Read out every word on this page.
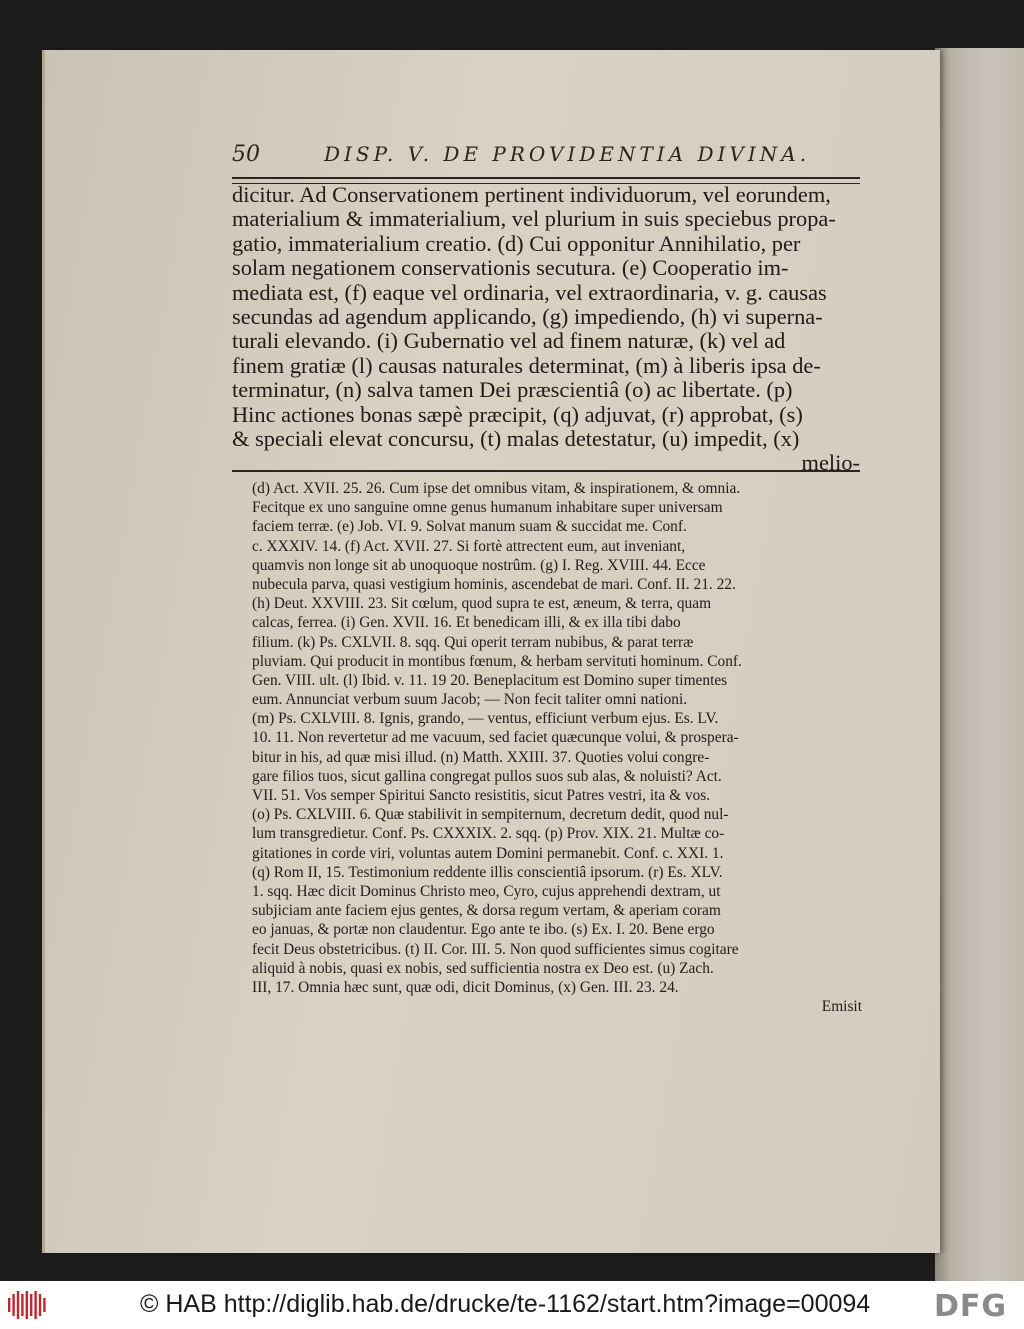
50	DISP. V. DE PROVIDENTIA DIVINA.
dicitur. Ad Conservationem pertinent individuorum, vel eorundem,
materialium & immaterialium, vel plurium in suis speciebus propa-
gatio, immaterialium creatio. (d) Cui opponitur Annihilatio, per
solam negationem conservationis secutura. (e) Cooperatio im-
mediata est, (f) eaque vel ordinaria, vel extraordinaria, v. g. causas
secundas ad agendum applicando, (g) impediendo, (h) vi superna-
turali elevando. (i) Gubernatio vel ad finem naturæ, (k) vel ad
finem gratiæ (l) causas naturales determinat, (m) à liberis ipsa de-
terminatur, (n) salva tamen Dei præscientiâ (o) ac libertate. (p)
Hinc actiones bonas sæpè præcipit, (q) adjuvat, (r) approbat, (s)
& speciali elevat concursu, (t) malas detestatur, (u) impedit, (x)
melio-
(d) Act. XVII. 25. 26. Cum ipse det omnibus vitam, & inspirationem, & omnia.
Fecitque ex uno sanguine omne genus humanum inhabitare super universam
faciem terræ. (e) Job. VI. 9. Solvat manum suam & succidat me. Conf.
c. XXXIV. 14. (f) Act. XVII. 27. Si fortè attrectent eum, aut inveniant,
quamvis non longe sit ab unoquoque nostrûm. (g) I. Reg. XVIII. 44. Ecce
nubecula parva, quasi vestigium hominis, ascendebat de mari. Conf. II. 21. 22.
(h) Deut. XXVIII. 23. Sit cœlum, quod supra te est, æneum, & terra, quam
calcas, ferrea. (i) Gen. XVII. 16. Et benedicam illi, & ex illa tibi dabo
filium. (k) Ps. CXLVII. 8. sqq. Qui operit terram nubibus, & parat terræ
pluviam. Qui producit in montibus fœnum, & herbam servituti hominum. Conf.
Gen. VIII. ult. (l) Ibid. v. 11. 19 20. Beneplacitum est Domino super timentes
eum. Annunciat verbum suum Jacob; — Non fecit taliter omni nationi.
(m) Ps. CXLVIII. 8. Ignis, grando, — ventus, efficiunt verbum ejus. Es. LV.
10. 11. Non revertetur ad me vacuum, sed faciet quæcunque volui, & prospera-
bitur in his, ad quæ misi illud. (n) Matth. XXIII. 37. Quoties volui congre-
gare filios tuos, sicut gallina congregat pullos suos sub alas, & noluisti? Act.
VII. 51. Vos semper Spiritui Sancto resistitis, sicut Patres vestri, ita & vos.
(o) Ps. CXLVIII. 6. Quæ stabilivit in sempiternum, decretum dedit, quod nul-
lum transgredietur. Conf. Ps. CXXXIX. 2. sqq. (p) Prov. XIX. 21. Multæ co-
gitationes in corde viri, voluntas autem Domini permanebit. Conf. c. XXI. 1.
(q) Rom II, 15. Testimonium reddente illis conscientiâ ipsorum. (r) Es. XLV.
1. sqq. Hæc dicit Dominus Christo meo, Cyro, cujus apprehendi dextram, ut
subjiciam ante faciem ejus gentes, & dorsa regum vertam, & aperiam coram
eo januas, & portæ non claudentur. Ego ante te ibo. (s) Ex. I. 20. Bene ergo
fecit Deus obstetricibus. (t) II. Cor. III. 5. Non quod sufficientes simus cogitare
aliquid à nobis, quasi ex nobis, sed sufficientia nostra ex Deo est. (u) Zach.
III, 17. Omnia hæc sunt, quæ odi, dicit Dominus, (x) Gen. III. 23. 24.
Emisit
© HAB http://diglib.hab.de/drucke/te-1162/start.htm?image=00094 DFG
